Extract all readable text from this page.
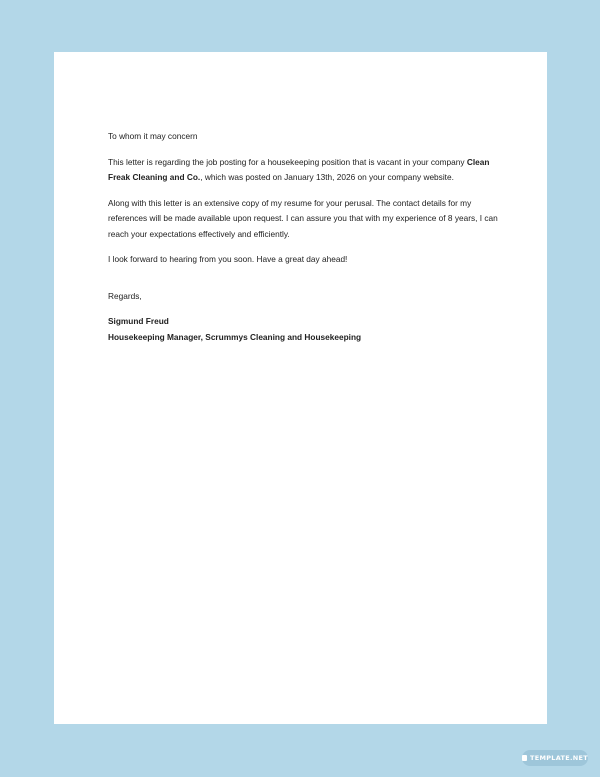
To whom it may concern

This letter is regarding the job posting for a housekeeping position that is vacant in your company Clean Freak Cleaning and Co., which was posted on January 13th, 2026 on your company website.

Along with this letter is an extensive copy of my resume for your perusal. The contact details for my references will be made available upon request. I can assure you that with my experience of 8 years, I can reach your expectations effectively and efficiently.

I look forward to hearing from you soon. Have a great day ahead!

Regards,

Sigmund Freud

Housekeeping Manager, Scrummys Cleaning and Housekeeping

TEMPLATE.NET
